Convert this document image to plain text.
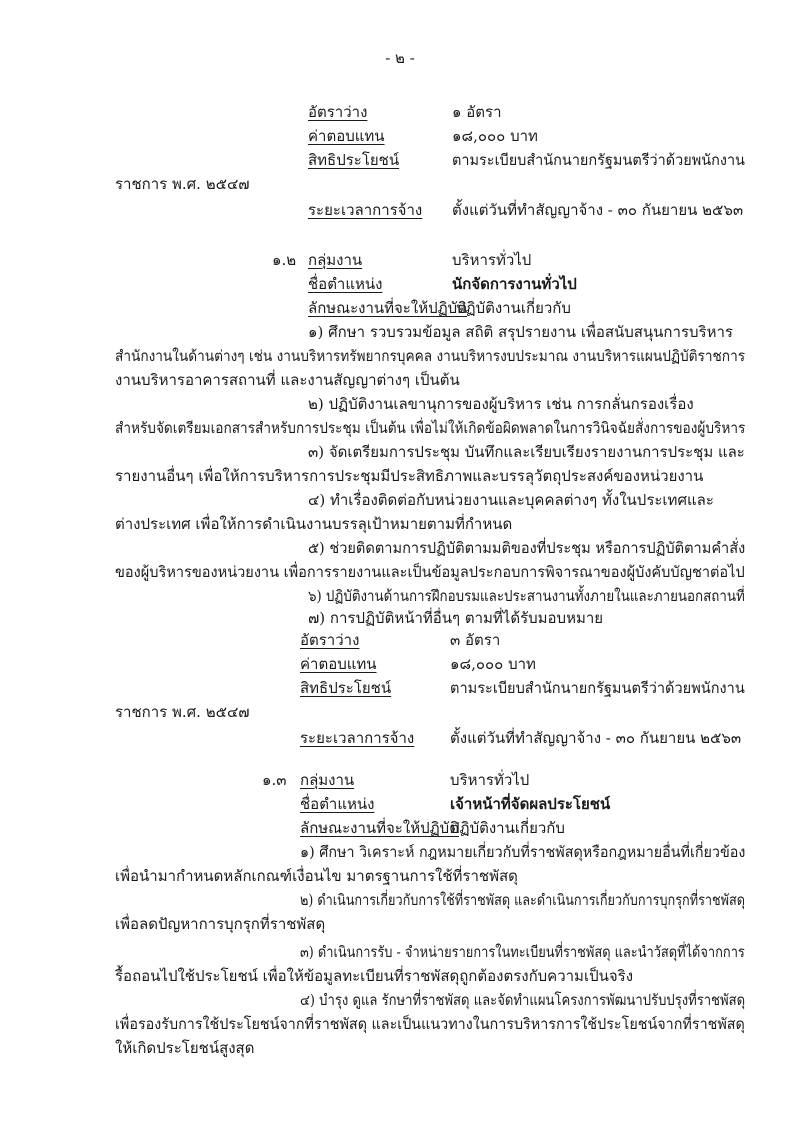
- ๒ -
อัตราว่าง	๑ อัตรา
ค่าตอบแทน	๑๘,๐๐๐ บาท
สิทธิประโยชน์	ตามระเบียบสำนักนายกรัฐมนตรีว่าด้วยพนักงาน
ราชการ พ.ศ. ๒๕๔๗
ระยะเวลาการจ้าง ตั้งแต่วันที่ทำสัญญาจ้าง - ๓๐ กันยายน ๒๕๖๓
๑.๒ กลุ่มงาน	บริหารทั่วไป
ชื่อตำแหน่ง	นักจัดการงานทั่วไป
ลักษณะงานที่จะให้ปฏิบัติ
ปฏิบัติงานเกี่ยวกับ
๑) ศึกษา รวบรวมข้อมูล สถิติ สรุปรายงาน เพื่อสนับสนุนการบริหาร
สำนักงานในด้านต่างๆ เช่น งานบริหารทรัพยากรบุคคล งานบริหารงบประมาณ งานบริหารแผนปฏิบัติราชการ
งานบริหารอาคารสถานที่ และงานสัญญาต่างๆ เป็นต้น
๒) ปฏิบัติงานเลขานุการของผู้บริหาร เช่น การกลั่นกรองเรื่อง
สำหรับจัดเตรียมเอกสารสำหรับการประชุม เป็นต้น เพื่อไม่ให้เกิดข้อผิดพลาดในการวินิจฉัยสั่งการของผู้บริหาร
๓) จัดเตรียมการประชุม บันทึกและเรียบเรียงรายงานการประชุม และ
รายงานอื่นๆ เพื่อให้การบริหารการประชุมมีประสิทธิภาพและบรรลุวัตถุประสงค์ของหน่วยงาน
๔) ทำเรื่องติดต่อกับหน่วยงานและบุคคลต่างๆ ทั้งในประเทศและ
ต่างประเทศ เพื่อให้การดำเนินงานบรรลุเป้าหมายตามที่กำหนด
๕) ช่วยติดตามการปฏิบัติตามมติของที่ประชุม หรือการปฏิบัติตามคำสั่ง
ของผู้บริหารของหน่วยงาน เพื่อการรายงานและเป็นข้อมูลประกอบการพิจารณาของผู้บังคับบัญชาต่อไป
๖) ปฏิบัติงานด้านการฝึกอบรมและประสานงานทั้งภายในและภายนอกสถานที่
๗) การปฏิบัติหน้าที่อื่นๆ ตามที่ได้รับมอบหมาย
อัตราว่าง	๓ อัตรา
ค่าตอบแทน	๑๘,๐๐๐ บาท
สิทธิประโยชน์	ตามระเบียบสำนักนายกรัฐมนตรีว่าด้วยพนักงาน
ราชการ พ.ศ. ๒๕๔๗
ระยะเวลาการจ้าง ตั้งแต่วันที่ทำสัญญาจ้าง - ๓๐ กันยายน ๒๕๖๓
๑.๓ กลุ่มงาน	บริหารทั่วไป
ชื่อตำแหน่ง	เจ้าหน้าที่จัดผลประโยชน์
ลักษณะงานที่จะให้ปฏิบัติ
ปฏิบัติงานเกี่ยวกับ
๑) ศึกษา วิเคราะห์ กฎหมายเกี่ยวกับที่ราชพัสดุหรือกฎหมายอื่นที่เกี่ยวข้อง
เพื่อนำมากำหนดหลักเกณฑ์เงื่อนไข มาตรฐานการใช้ที่ราชพัสดุ
๒) ดำเนินการเกี่ยวกับการใช้ที่ราชพัสดุ และดำเนินการเกี่ยวกับการบุกรุกที่ราชพัสดุ
เพื่อลดปัญหาการบุกรุกที่ราชพัสดุ
๓) ดำเนินการรับ - จำหน่ายรายการในทะเบียนที่ราชพัสดุ และนำวัสดุที่ได้จากการ
รื้อถอนไปใช้ประโยชน์ เพื่อให้ข้อมูลทะเบียนที่ราชพัสดุถูกต้องตรงกับความเป็นจริง
๔) บำรุง ดูแล รักษาที่ราชพัสดุ และจัดทำแผนโครงการพัฒนาปรับปรุงที่ราชพัสดุ
เพื่อรองรับการใช้ประโยชน์จากที่ราชพัสดุ และเป็นแนวทางในการบริหารการใช้ประโยชน์จากที่ราชพัสดุ
ให้เกิดประโยชน์สูงสุด
